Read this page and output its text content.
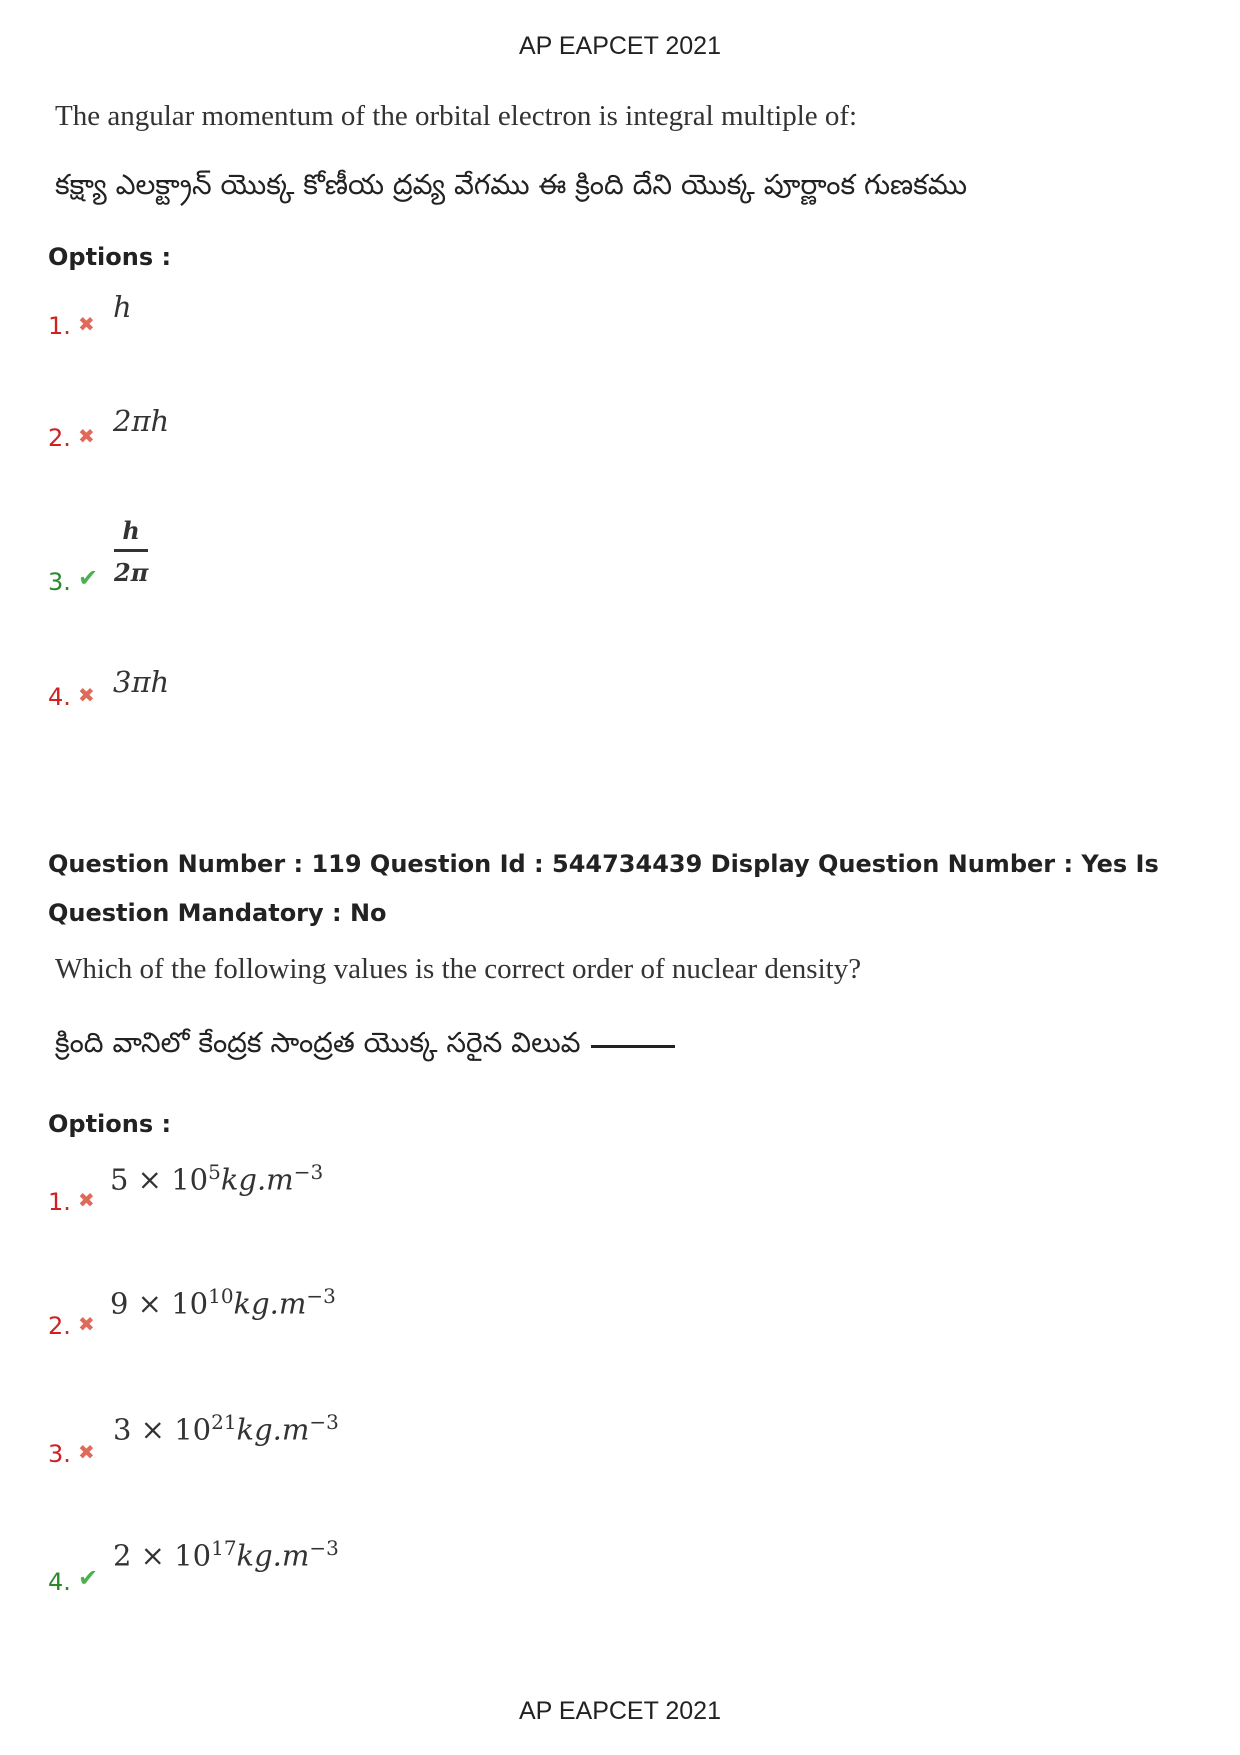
AP EAPCET 2021
The angular momentum of the orbital electron is integral multiple of:
కక్ష్యా ఎలక్ట్రాన్ యొక్క కోణీయ ద్రవ్య వేగము ఈ క్రింది దేని యొక్క పూర్ణాంక గుణకము
Options :
1. ✖ h
2. ✖ 2πh
3. ✔ $\frac{h}{2\pi}$
4. ✖ 3πh
Question Number : 119 Question Id : 544734439 Display Question Number : Yes Is Question Mandatory : No
Which of the following values is the correct order of nuclear density?
క్రింది వానిలో కేంద్రక సాంద్రత యొక్క సరైన విలువ
Options :
1. ✖
$5 \times 10^5kg.m^{-3}$
2. ✖
$9 \times 10^{10}kg.m^{-3}$
3. ✖
$3 \times 10^{21}kg.m^{-3}$
4. ✔
$2 \times 10^{17}kg.m^{-3}$
AP EAPCET 2021
